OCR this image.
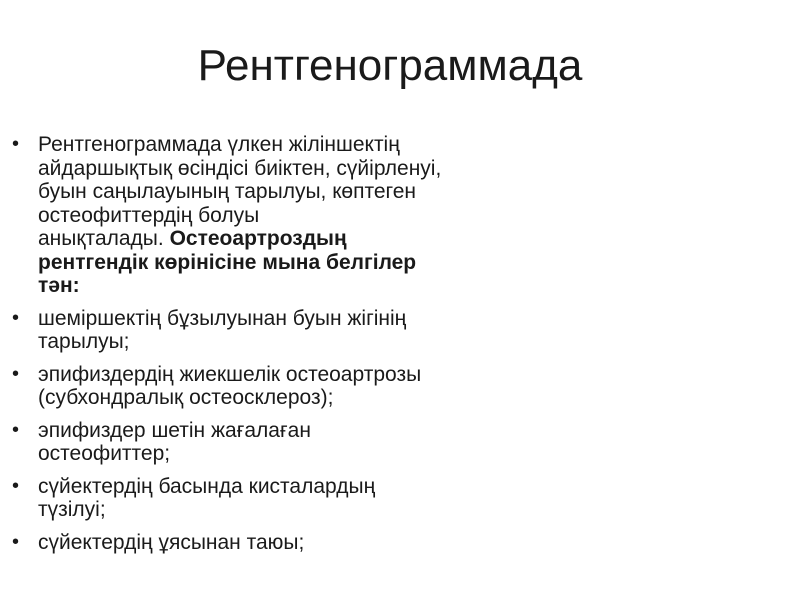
Рентгенограммада
• Рентгенограммада үлкен жіліншектің
айдаршықтық өсіндісі биіктен, сүйірленуі,
буын саңылауының тарылуы, көптеген
остеофиттердің болуы
анықталады. Остеоартроздың
рентгендік көрінісіне мына белгілер
тән:
• шеміршектің бұзылуынан буын жігінің
тарылуы;
• эпифиздердің жиекшелік остеоартрозы
(субхондралық остеосклероз);
• эпифиздер шетін жағалаған
остеофиттер;
• сүйектердің басында кисталардың
түзілуі;
• сүйектердің ұясынан таюы;
